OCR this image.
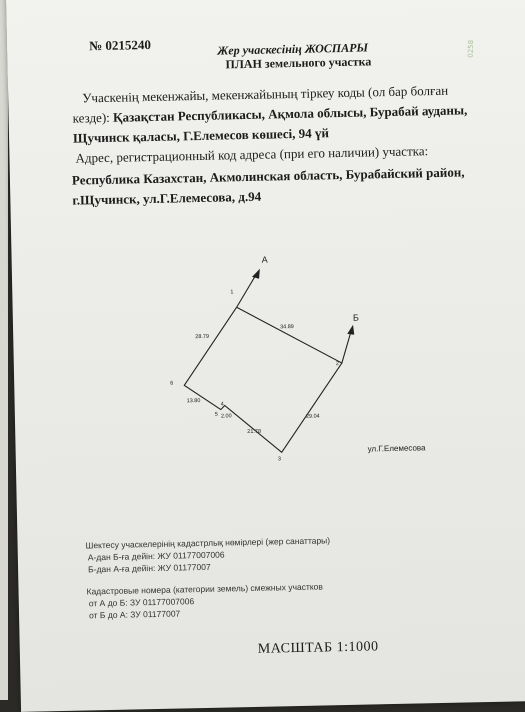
0258
№ 0215240	Жер учаскесінің ЖОСПАРЫ
ПЛАН земельного участка
Учаскенің мекенжайы, мекенжайының тіркеу коды (ол бар болған
кезде): Қазақстан Республикасы, Ақмола облысы, Бурабай ауданы,
Щучинск қаласы, Г.Елемесов көшесі, 94 үй
Адрес, регистрационный код адреса (при его наличии) участка:
Республика Казахстан, Акмолинская область, Бурабайский район,
г.Щучинск, ул.Г.Елемесова, д.94
А
Б
1
2
3
4
5
6
34.89
29.04
21.78
2.00
13.80
28.79
ул.Г.Елемесова
Шектесу учаскелерінің кадастрлық нөмірлері (жер санаттары)
А-дан Б-ға дейін: ЖУ 01177007006
Б-дан А-ға дейін: ЖУ 01177007
Кадастровые номера (категории земель) смежных участков
от А до Б: ЗУ 01177007006
от Б до А: ЗУ 01177007
МАСШТАБ 1:1000
